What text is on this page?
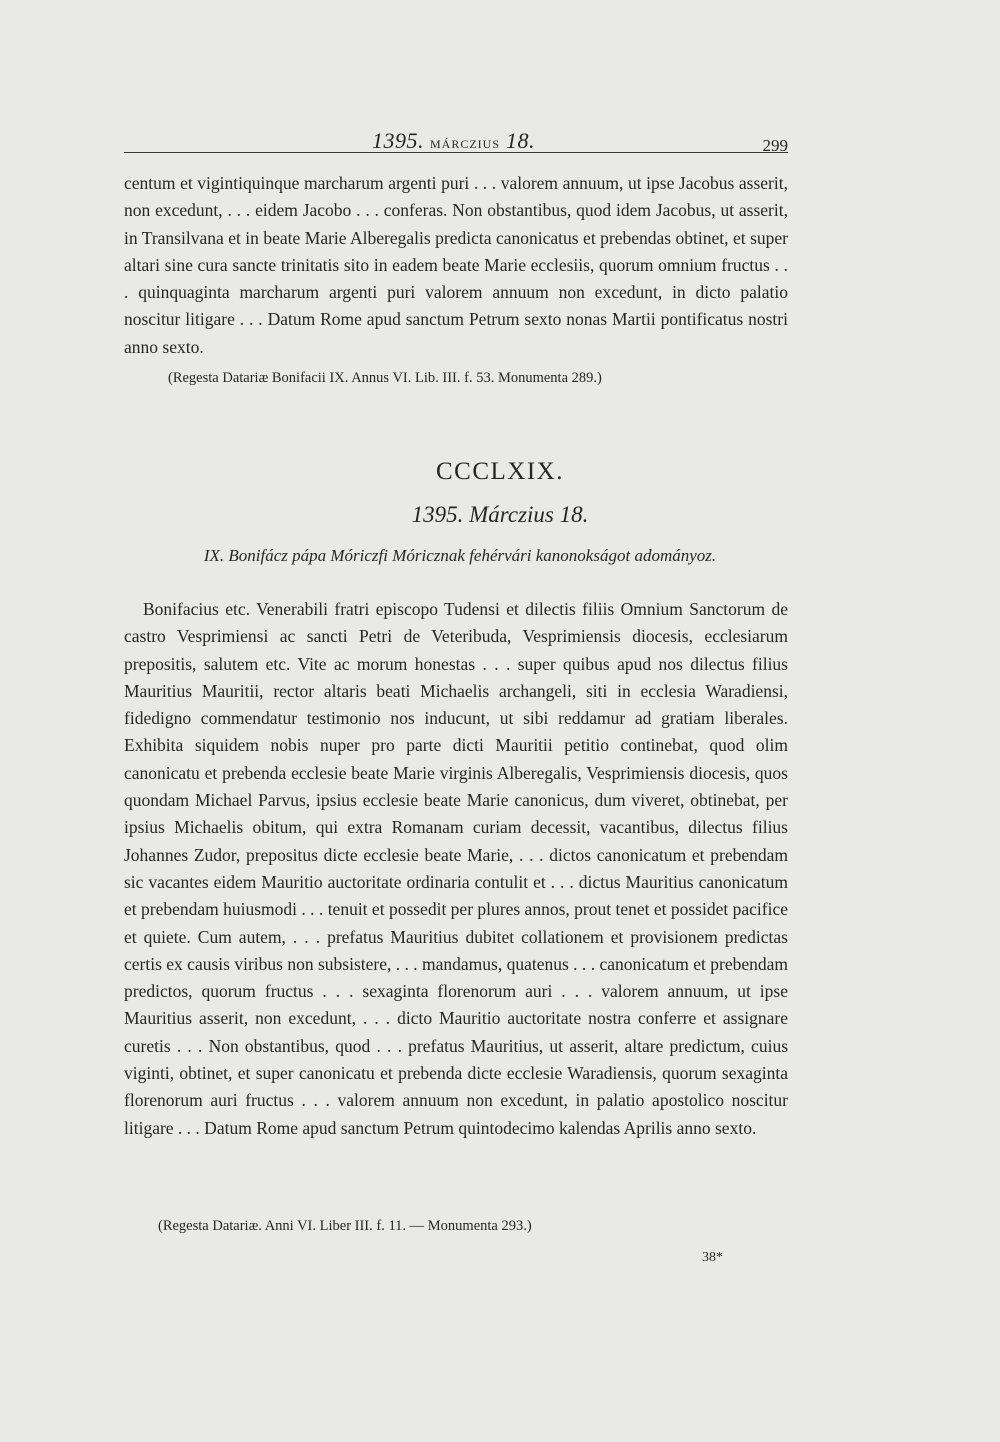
1395. MÁRCZIUS 18.	299
centum et vigintiquinque marcharum argenti puri . . . valorem annuum, ut ipse Jacobus asserit, non excedunt, . . . eidem Jacobo . . . conferas. Non obstantibus, quod idem Jacobus, ut asserit, in Transilvana et in beate Marie Alberegalis predicta canonicatus et prebendas obtinet, et super altari sine cura sancte trinitatis sito in eadem beate Marie ecclesiis, quorum omnium fructus . . . quinquaginta marcharum argenti puri valorem annuum non excedunt, in dicto palatio noscitur litigare . . . Datum Rome apud sanctum Petrum sexto nonas Martii pontificatus nostri anno sexto.
(Regesta Datariæ Bonifacii IX. Annus VI. Lib. III. f. 53. Monumenta 289.)
CCCLXIX.
1395. Márczius 18.
IX. Bonifácz pápa Móriczfi Móricznak fehérvári kanonokságot adományoz.
Bonifacius etc. Venerabili fratri episcopo Tudensi et dilectis filiis Omnium Sanctorum de castro Vesprimiensi ac sancti Petri de Veteribuda, Vesprimiensis diocesis, ecclesiarum prepositis, salutem etc. Vite ac morum honestas . . . super quibus apud nos dilectus filius Mauritius Mauritii, rector altaris beati Michaelis archangeli, siti in ecclesia Waradiensi, fidedigno commendatur testimonio nos inducunt, ut sibi reddamur ad gratiam liberales. Exhibita siquidem nobis nuper pro parte dicti Mauritii petitio continebat, quod olim canonicatu et prebenda ecclesie beate Marie virginis Alberegalis, Vesprimiensis diocesis, quos quondam Michael Parvus, ipsius ecclesie beate Marie canonicus, dum viveret, obtinebat, per ipsius Michaelis obitum, qui extra Romanam curiam decessit, vacantibus, dilectus filius Johannes Zudor, prepositus dicte ecclesie beate Marie, . . . dictos canonicatum et prebendam sic vacantes eidem Mauritio auctoritate ordinaria contulit et . . . dictus Mauritius canonicatum et prebendam huiusmodi . . . tenuit et possedit per plures annos, prout tenet et possidet pacifice et quiete. Cum autem, . . . prefatus Mauritius dubitet collationem et provisionem predictas certis ex causis viribus non subsistere, . . . mandamus, quatenus . . . canonicatum et prebendam predictos, quorum fructus . . . sexaginta florenorum auri . . . valorem annuum, ut ipse Mauritius asserit, non excedunt, . . . dicto Mauritio auctoritate nostra conferre et assignare curetis . . . Non obstantibus, quod . . . prefatus Mauritius, ut asserit, altare predictum, cuius viginti, obtinet, et super canonicatu et prebenda dicte ecclesie Waradiensis, quorum sexaginta florenorum auri fructus . . . valorem annuum non excedunt, in palatio apostolico noscitur litigare . . . Datum Rome apud sanctum Petrum quintodecimo kalendas Aprilis anno sexto.
(Regesta Datariæ. Anni VI. Liber III. f. 11. — Monumenta 293.)
38*
